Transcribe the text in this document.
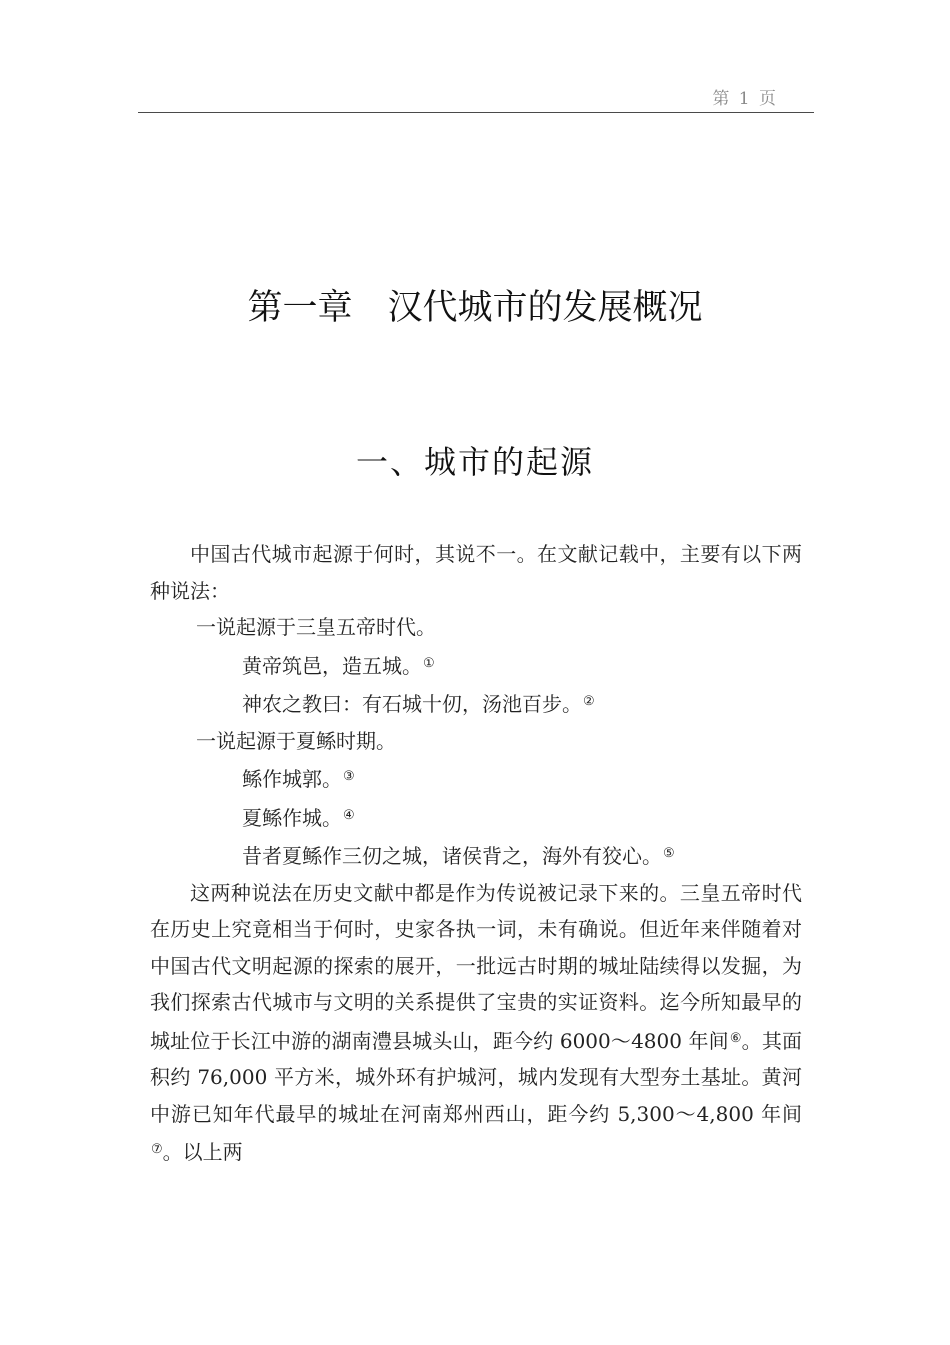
第 1 页
第一章　汉代城市的发展概况
一、城市的起源

中国古代城市起源于何时，其说不一。在文献记载中，主要有以下两种说法：

一说起源于三皇五帝时代。

黄帝筑邑，造五城。①

神农之教曰：有石城十仞，汤池百步。②

一说起源于夏鲧时期。

鲧作城郭。③

夏鲧作城。④

昔者夏鲧作三仞之城，诸侯背之，海外有狡心。⑤

这两种说法在历史文献中都是作为传说被记录下来的。三皇五帝时代在历史上究竟相当于何时，史家各执一词，未有确说。但近年来伴随着对中国古代文明起源的探索的展开，一批远古时期的城址陆续得以发掘，为我们探索古代城市与文明的关系提供了宝贵的实证资料。迄今所知最早的城址位于长江中游的湖南澧县城头山，距今约 6000～4800 年间⑥。其面积约 76,000 平方米，城外环有护城河，城内发现有大型夯土基址。黄河中游已知年代最早的城址在河南郑州西山，距今约 5,300～4,800 年间⑦。以上两
